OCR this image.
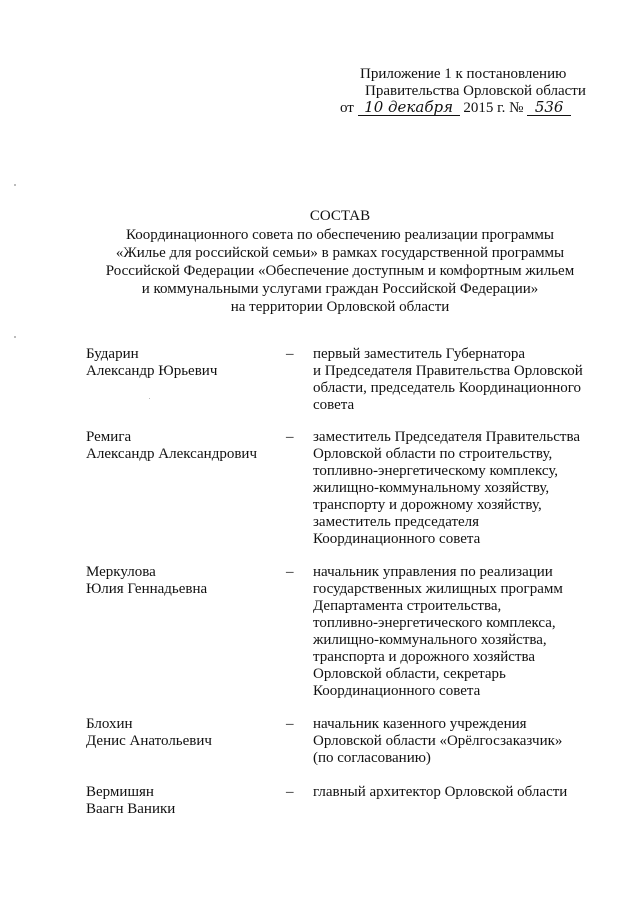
Приложение 1 к постановлению
Правительства Орловской области
от 10 декабря 2015 г. № 536
СОСТАВ
Координационного совета по обеспечению реализации программы
«Жилье для российской семьи» в рамках государственной программы
Российской Федерации «Обеспечение доступным и комфортным жильем
и коммунальными услугами граждан Российской Федерации»
на территории Орловской области
Бударин
Александр Юрьевич
–	первый заместитель Губернатора
и Председателя Правительства Орловской
области, председатель Координационного
совета
Ремига
Александр Александрович
–	заместитель Председателя Правительства
Орловской области по строительству,
топливно-энергетическому комплексу,
жилищно-коммунальному хозяйству,
транспорту и дорожному хозяйству,
заместитель председателя
Координационного совета
Меркулова
Юлия Геннадьевна
–	начальник управления по реализации
государственных жилищных программ
Департамента строительства,
топливно-энергетического комплекса,
жилищно-коммунального хозяйства,
транспорта и дорожного хозяйства
Орловской области, секретарь
Координационного совета
Блохин
Денис Анатольевич
–	начальник казенного учреждения
Орловской области «Орёлгосзаказчик»
(по согласованию)
Вермишян
Ваагн Ваники
–	главный архитектор Орловской области
